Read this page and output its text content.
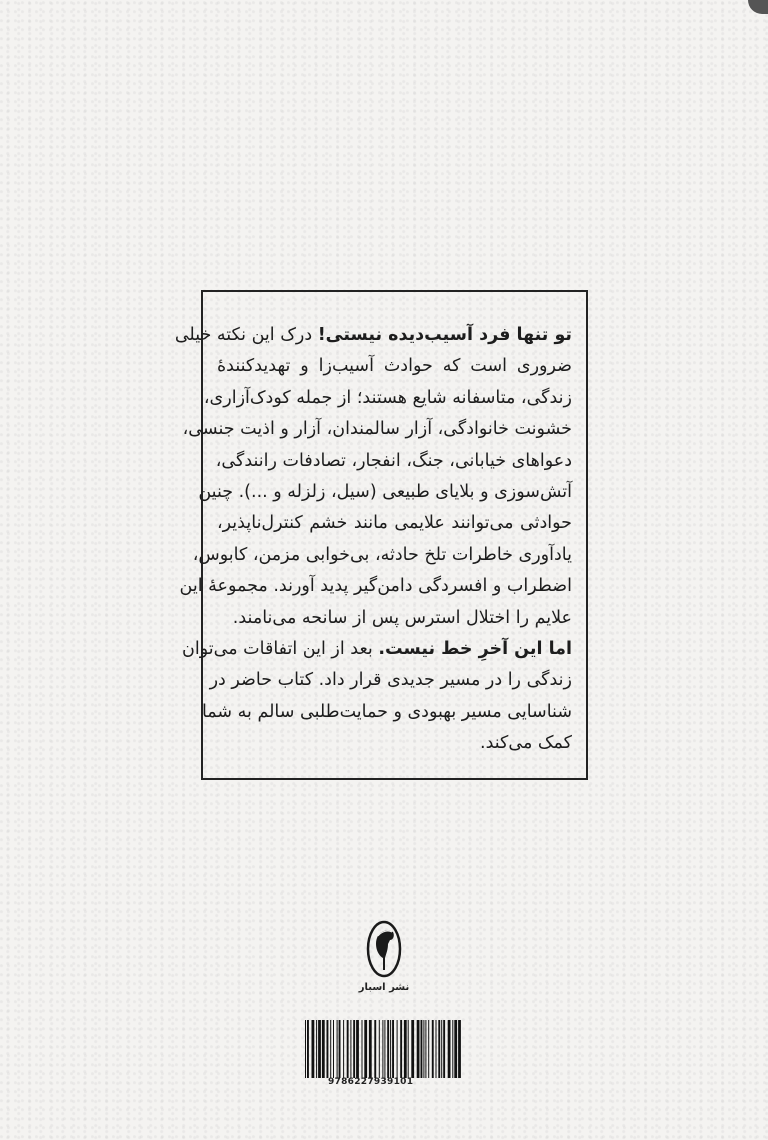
تو تنها فرد آسیب‌دیده نیستی! درک این نکته خیلی
ضروری است که حوادث آسیب‌زا و تهدیدکنندهٔ
زندگی، متاسفانه شایع هستند؛ از جمله کودک‌آزاری،
خشونت خانوادگی، آزار سالمندان، آزار و اذیت جنسی،
دعواهای خیابانی، جنگ، انفجار، تصادفات رانندگی،
آتش‌سوزی و بلایای طبیعی (سیل، زلزله و ...). چنین
حوادثی می‌توانند علایمی مانند خشم کنترل‌ناپذیر،
یادآوری خاطرات تلخ حادثه، بی‌خوابی مزمن، کابوس،
اضطراب و افسردگی دامن‌گیر پدید آورند. مجموعهٔ این
علایم را اختلال استرس پس از سانحه می‌نامند.
اما این آخرِ خط نیست. بعد از این اتفاقات می‌توان
زندگی را در مسیر جدیدی قرار داد. کتاب حاضر در
شناسایی مسیر بهبودی و حمایت‌طلبی سالم به شما
کمک می‌کند.
نشر اسبار
9786227939101
